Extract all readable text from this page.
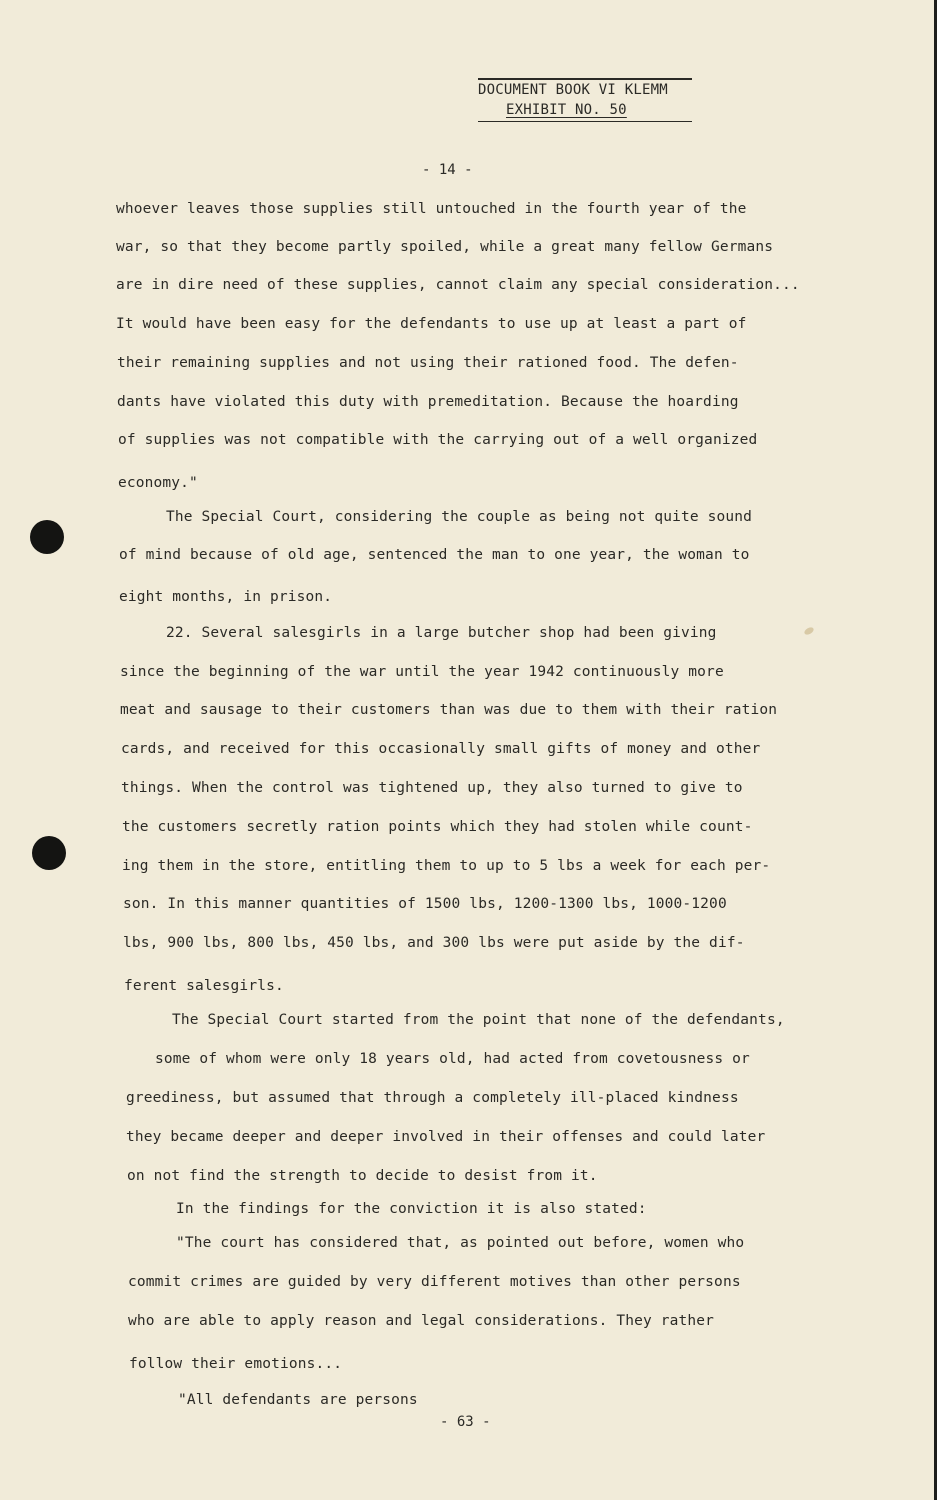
DOCUMENT BOOK VI KLEMM
EXHIBIT NO. 50
- 14 -
whoever leaves those supplies still untouched in the fourth year of the
war, so that they become partly spoiled, while a great many fellow Germans
are in dire need of these supplies, cannot claim any special consideration...
It would have been easy for the defendants to use up at least a part of
their remaining supplies and not using their rationed food. The defen-
dants have violated this duty with premeditation. Because the hoarding
of supplies was not compatible with the carrying out of a well organized
economy."
The Special Court, considering the couple as being not quite sound
of mind because of old age, sentenced the man to one year, the woman to
eight months, in prison.
22. Several salesgirls in a large butcher shop had been giving
since the beginning of the war until the year 1942 continuously more
meat and sausage to their customers than was due to them with their ration
cards, and received for this occasionally small gifts of money and other
things. When the control was tightened up, they also turned to give to
the customers secretly ration points which they had stolen while count-
ing them in the store, entitling them to up to 5 lbs a week for each per-
son. In this manner quantities of 1500 lbs, 1200-1300 lbs, 1000-1200
lbs, 900 lbs, 800 lbs, 450 lbs, and 300 lbs were put aside by the dif-
ferent salesgirls.
The Special Court started from the point that none of the defendants,
some of whom were only 18 years old, had acted from covetousness or
greediness, but assumed that through a completely ill-placed kindness
they became deeper and deeper involved in their offenses and could later
on not find the strength to decide to desist from it.
In the findings for the conviction it is also stated:
"The court has considered that, as pointed out before, women who
commit crimes are guided by very different motives than other persons
who are able to apply reason and legal considerations. They rather
follow their emotions...
"All defendants are persons
- 63 -
